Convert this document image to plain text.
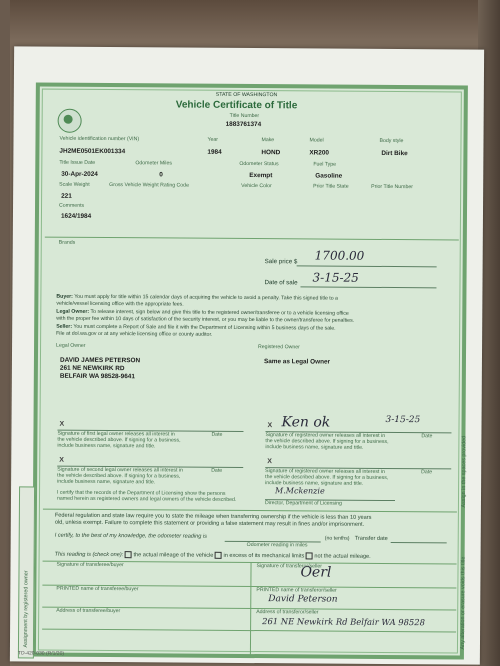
Assignment by registered owner
STATE OF WASHINGTON
Vehicle Certificate of Title
Title Number
1883761374
Vehicle identification number (VIN)	Year	Make	Model	Body style
JH2ME0501EK001334	1984	HOND	XR200	Dirt Bike
Title Issue Date	Odometer Miles	Odometer Status	Fuel Type
30-Apr-2024	0	Exempt	Gasoline
Scale Weight	Gross Vehicle Weight Rating Code	Vehicle Color	Prior Title State	Prior Title Number
221
Comments
1624/1984
Brands
Sale price $ 1700.00
Date of sale 3-15-25
Buyer: You must apply for title within 15 calendar days of acquiring the vehicle to avoid a penalty. Take this signed title to a
vehicle/vessel licensing office with the appropriate fees.
Legal Owner: To release interest, sign below and give this title to the registered owner/transferee or to a vehicle licensing office
with the proper fee within 10 days of satisfaction of the security interest, or you may be liable to the owner/transferee for penalties.
Seller: You must complete a Report of Sale and file it with the Department of Licensing within 5 business days of the sale.
File at dol.wa.gov or at any vehicle licensing office or county auditor.
Legal Owner	Registered Owner
DAVID JAMES PETERSON
261 NE NEWKIRK RD
BELFAIR WA 98528-9641
Same as Legal Owner
X
Date
Signature of first legal owner releases all interest in
the vehicle described above. If signing for a business,
include business name, signature and title.
X Ken ok	3-15-25
Date
Signature of registered owner releases all interest in
the vehicle described above. If signing for a business,
include business name, signature and title.
X
Date
Signature of second legal owner releases all interest in
the vehicle described above. If signing for a business,
include business name, signature and title.
X
Date
Signature of registered owner releases all interest in
the vehicle described above. If signing for a business,
include business name, signature and title.
I certify that the records of the Department of Licensing show the persons
named herein as registered owners and legal owners of the vehicle described.
M.Mckenzie
Director, Department of Licensing
Federal regulation and state law require you to state the mileage when transferring ownership if the vehicle is less than 10 years
old, unless exempt. Failure to complete this statement or providing a false statement may result in fines and/or imprisonment.
I certify, to the best of my knowledge, the odometer reading is	(no tenths) Transfer date
Odometer reading in miles
This reading is (check one): the actual mileage of the vehicle in excess of its mechanical limits not the actual mileage.
Signature of transferee/buyer	Signature of transferor/seller
Oerl
PRINTED name of transferee/buyer	PRINTED name of transferor/seller
David Peterson
Address of transferee/buyer	Address of transferor/seller
261 NE Newkirk Rd Belfair WA 98528	Any alteration or erasure voids this title
Assign in the spaces provided
TD-420-030 (R/1/20)
